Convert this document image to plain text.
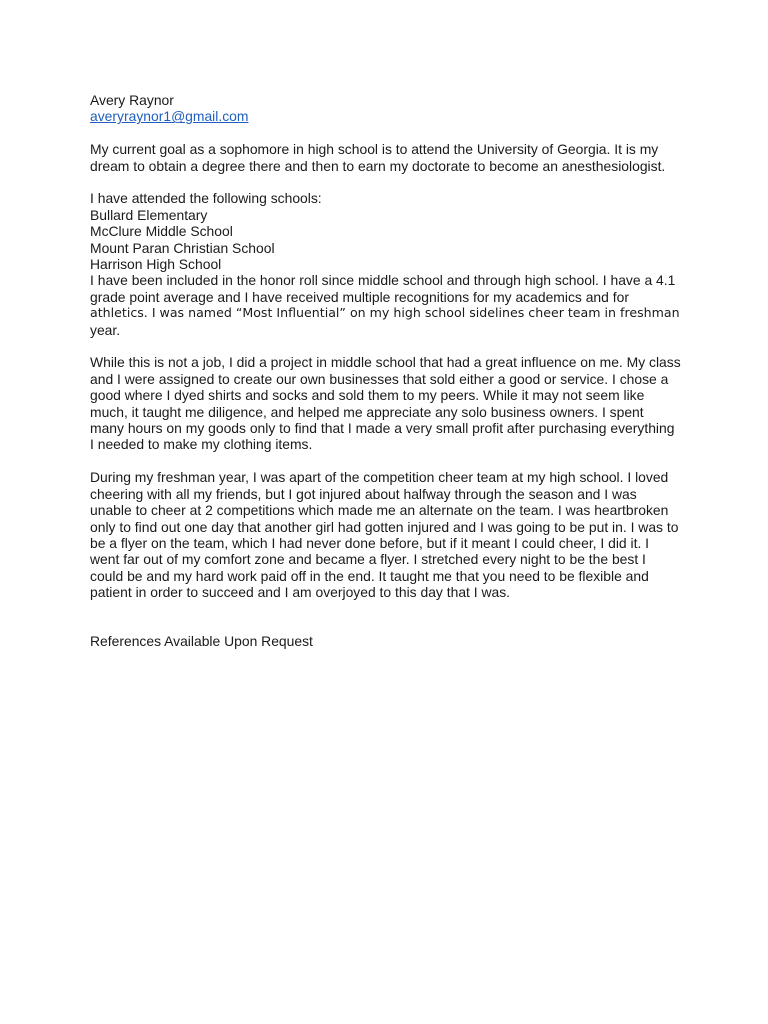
Avery Raynor
averyraynor1@gmail.com
My current goal as a sophomore in high school is to attend the University of Georgia. It is my
dream to obtain a degree there and then to earn my doctorate to become an anesthesiologist.
I have attended the following schools:
Bullard Elementary
McClure Middle School
Mount Paran Christian School
Harrison High School
I have been included in the honor roll since middle school and through high school. I have a 4.1
grade point average and I have received multiple recognitions for my academics and for
athletics. I was named “Most Influential” on my high school sidelines cheer team in freshman
year.
While this is not a job, I did a project in middle school that had a great influence on me. My class
and I were assigned to create our own businesses that sold either a good or service. I chose a
good where I dyed shirts and socks and sold them to my peers. While it may not seem like
much, it taught me diligence, and helped me appreciate any solo business owners. I spent
many hours on my goods only to find that I made a very small profit after purchasing everything
I needed to make my clothing items.
During my freshman year, I was apart of the competition cheer team at my high school. I loved
cheering with all my friends, but I got injured about halfway through the season and I was
unable to cheer at 2 competitions which made me an alternate on the team. I was heartbroken
only to find out one day that another girl had gotten injured and I was going to be put in. I was to
be a flyer on the team, which I had never done before, but if it meant I could cheer, I did it. I
went far out of my comfort zone and became a flyer. I stretched every night to be the best I
could be and my hard work paid off in the end. It taught me that you need to be flexible and
patient in order to succeed and I am overjoyed to this day that I was.
References Available Upon Request
